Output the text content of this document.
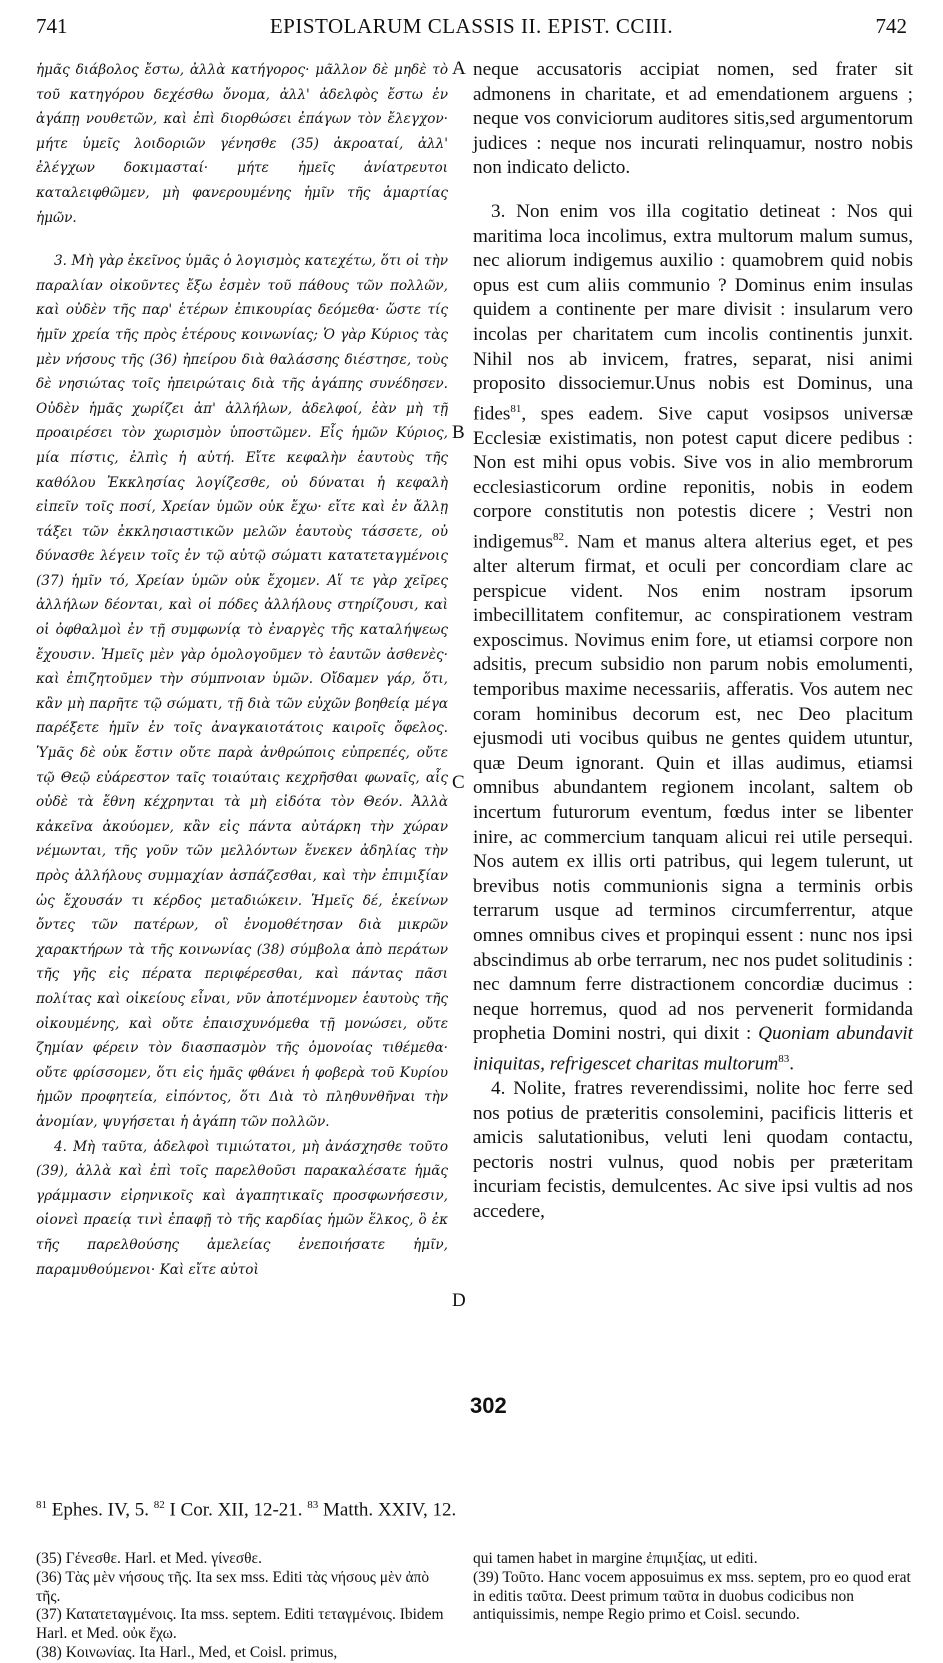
741	EPISTOLARUM CLASSIS II. EPIST. CCIII.	742

ἡμᾶς διάβολος ἔστω, ἀλλὰ κατήγορος· μᾶλλον δὲ μηδὲ τὸ τοῦ κατηγόρου δεχέσθω ὄνομα, ἀλλ' ἀδελφὸς ἔστω ἐν ἀγάπῃ νουθετῶν, καὶ ἐπὶ διορθώσει ἐπάγων τὸν ἔλεγχον· μήτε ὑμεῖς λοιδοριῶν γένησθε (35) ἀκροαταί, ἀλλ' ἐλέγχων δοκιμασταί· μήτε ἡμεῖς ἀνίατρευτοι καταλειφθῶμεν, μὴ φανερουμένης ἡμῖν τῆς ἁμαρτίας ἡμῶν.

3. Μὴ γὰρ ἐκεῖνος ὑμᾶς ὁ λογισμὸς κατεχέτω, ὅτι οἱ τὴν παραλίαν οἰκοῦντες ἔξω ἐσμὲν τοῦ πάθους τῶν πολλῶν, καὶ οὐδὲν τῆς παρ' ἑτέρων ἐπικουρίας δεόμεθα· ὥστε τίς ἡμῖν χρεία τῆς πρὸς ἑτέρους κοινωνίας; Ὁ γὰρ Κύριος τὰς μὲν νήσους τῆς (36) ἠπείρου διὰ θαλάσσης διέστησε, τοὺς δὲ νησιώτας τοῖς ἠπειρώταις διὰ τῆς ἀγάπης συνέδησεν. Οὐδὲν ἡμᾶς χωρίζει ἀπ' ἀλλήλων, ἀδελφοί, ἐὰν μὴ τῇ προαιρέσει τὸν χωρισμὸν ὑποστῶμεν. Εἷς ἡμῶν Κύριος, μία πίστις, ἐλπὶς ἡ αὐτή. Εἴτε κεφαλὴν ἑαυτοὺς τῆς καθόλου Ἐκκλησίας λογίζεσθε, οὐ δύναται ἡ κεφαλὴ εἰπεῖν τοῖς ποσί, Χρείαν ὑμῶν οὐκ ἔχω· εἴτε καὶ ἐν ἄλλῃ τάξει τῶν ἐκκλησιαστικῶν μελῶν ἑαυτοὺς τάσσετε, οὐ δύνασθε λέγειν τοῖς ἐν τῷ αὐτῷ σώματι κατατεταγμένοις (37) ἡμῖν τό, Χρείαν ὑμῶν οὐκ ἔχομεν. Αἵ τε γὰρ χεῖρες ἀλλήλων δέονται, καὶ οἱ πόδες ἀλλήλους στηρίζουσι, καὶ οἱ ὀφθαλμοὶ ἐν τῇ συμφωνίᾳ τὸ ἐναργὲς τῆς καταλήψεως ἔχουσιν. Ἡμεῖς μὲν γὰρ ὁμολογοῦμεν τὸ ἑαυτῶν ἀσθενὲς· καὶ ἐπιζητοῦμεν τὴν σύμπνοιαν ὑμῶν. Οἴδαμεν γάρ, ὅτι, κἂν μὴ παρῆτε τῷ σώματι, τῇ διὰ τῶν εὐχῶν βοηθείᾳ μέγα παρέξετε ἡμῖν ἐν τοῖς ἀναγκαιοτάτοις καιροῖς ὄφελος. Ὑμᾶς δὲ οὐκ ἔστιν οὔτε παρὰ ἀνθρώποις εὐπρεπές, οὔτε τῷ Θεῷ εὐάρεστον ταῖς τοιαύταις κεχρῆσθαι φωναῖς, αἷς οὐδὲ τὰ ἔθνη κέχρηνται τὰ μὴ εἰδότα τὸν Θεόν. Ἀλλὰ κἀκεῖνα ἀκούομεν, κἂν εἰς πάντα αὐτάρκη τὴν χώραν νέμωνται, τῆς γοῦν τῶν μελλόντων ἕνεκεν ἀδηλίας τὴν πρὸς ἀλλήλους συμμαχίαν ἀσπάζεσθαι, καὶ τὴν ἐπιμιξίαν ὡς ἔχουσάν τι κέρδος μεταδιώκειν. Ἡμεῖς δέ, ἐκείνων ὄντες τῶν πατέρων, οἳ ἐνομοθέτησαν διὰ μικρῶν χαρακτήρων τὰ τῆς κοινωνίας (38) σύμβολα ἀπὸ περάτων τῆς γῆς εἰς πέρατα περιφέρεσθαι, καὶ πάντας πᾶσι πολίτας καὶ οἰκείους εἶναι, νῦν ἀποτέμνομεν ἑαυτοὺς τῆς οἰκουμένης, καὶ οὔτε ἐπαισχυνόμεθα τῇ μονώσει, οὔτε ζημίαν φέρειν τὸν διασπασμὸν τῆς ὁμονοίας τιθέμεθα· οὔτε φρίσσομεν, ὅτι εἰς ἡμᾶς φθάνει ἡ φοβερὰ τοῦ Κυρίου ἡμῶν προφητεία, εἰπόντος, ὅτι Διὰ τὸ πληθυνθῆναι τὴν ἀνομίαν, ψυγήσεται ἡ ἀγάπη τῶν πολλῶν.

4. Μὴ ταῦτα, ἀδελφοὶ τιμιώτατοι, μὴ ἀνάσχησθε τοῦτο (39), ἀλλὰ καὶ ἐπὶ τοῖς παρελθοῦσι παρακαλέσατε ἡμᾶς γράμμασιν εἰρηνικοῖς καὶ ἀγαπητικαῖς προσφωνήσεσιν, οἱονεὶ πραείᾳ τινὶ ἐπαφῇ τὸ τῆς καρδίας ἡμῶν ἕλκος, ὃ ἐκ τῆς παρελθούσης ἀμελείας ἐνεποιήσατε ἡμῖν, παραμυθούμενοι· Καὶ εἴτε αὐτοὶ

neque accusatoris accipiat nomen, sed frater sit admonens in charitate, et ad emendationem arguens ; neque vos conviciorum auditores sitis,sed argumentorum judices : neque nos incurati relinquamur, nostro nobis non indicato delicto.

3. Non enim vos illa cogitatio detineat : Nos qui maritima loca incolimus, extra multorum malum sumus, nec aliorum indigemus auxilio : quamobrem quid nobis opus est cum aliis communio ? Dominus enim insulas quidem a continente per mare divisit : insularum vero incolas per charitatem cum incolis continentis junxit. Nihil nos ab invicem, fratres, separat, nisi animi proposito dissociemur.Unus nobis est Dominus, una fides$^{81}$, spes eadem. Sive caput vosipsos universæ Ecclesiæ existimatis, non potest caput dicere pedibus : Non est mihi opus vobis. Sive vos in alio membrorum ecclesiasticorum ordine reponitis, nobis in eodem corpore constitutis non potestis dicere ; Vestri non indigemus$^{82}$. Nam et manus altera alterius eget, et pes alter alterum firmat, et oculi per concordiam clare ac perspicue vident. Nos enim nostram ipsorum imbecillitatem confitemur, ac conspirationem vestram exposcimus. Novimus enim fore, ut etiamsi corpore non adsitis, precum subsidio non parum nobis emolumenti, temporibus maxime necessariis, afferatis. Vos autem nec coram hominibus decorum est, nec Deo placitum ejusmodi uti vocibus quibus ne gentes quidem utuntur, quæ Deum ignorant. Quin et illas audimus, etiamsi omnibus abundantem regionem incolant, saltem ob incertum futurorum eventum, fœdus inter se libenter inire, ac commercium tanquam alicui rei utile persequi. Nos autem ex illis orti patribus, qui legem tulerunt, ut brevibus notis communionis signa a terminis orbis terrarum usque ad terminos circumferrentur, atque omnes omnibus cives et propinqui essent : nunc nos ipsi abscindimus ab orbe terrarum, nec nos pudet solitudinis : nec damnum ferre distractionem concordiæ ducimus : neque horremus, quod ad nos pervenerit formidanda prophetia Domini nostri, qui dixit : Quoniam abundavit iniquitas, refrigescet charitas multorum$^{83}$.

4. Nolite, fratres reverendissimi, nolite hoc ferre sed nos potius de præteritis consolemini, pacificis litteris et amicis salutationibus, veluti leni quodam contactu, pectoris nostri vulnus, quod nobis per præteritam incuriam fecistis, demulcentes. Ac sive ipsi vultis ad nos accedere,

A
B
C
D
302
$^{81}$ Ephes. IV, 5. $^{82}$ I Cor. XII, 12-21. $^{83}$ Matth. XXIV, 12.

(35) Γένεσθε. Harl. et Med. γίνεσθε.

(36) Τὰς μὲν νήσους τῆς. Ita sex mss. Editi τὰς νήσους μὲν ἀπὸ τῆς.

(37) Κατατεταγμένοις. Ita mss. septem. Editi τεταγμένοις. Ibidem Harl. et Med. οὐκ ἔχω.

(38) Κοινωνίας. Ita Harl., Med, et Coisl. primus,

qui tamen habet in margine ἐπιμιξίας, ut editi.

(39) Τοῦτο. Hanc vocem apposuimus ex mss. septem, pro eo quod erat in editis ταῦτα. Deest primum ταῦτα in duobus codicibus non antiquissimis, nempe Regio primo et Coisl. secundo.
